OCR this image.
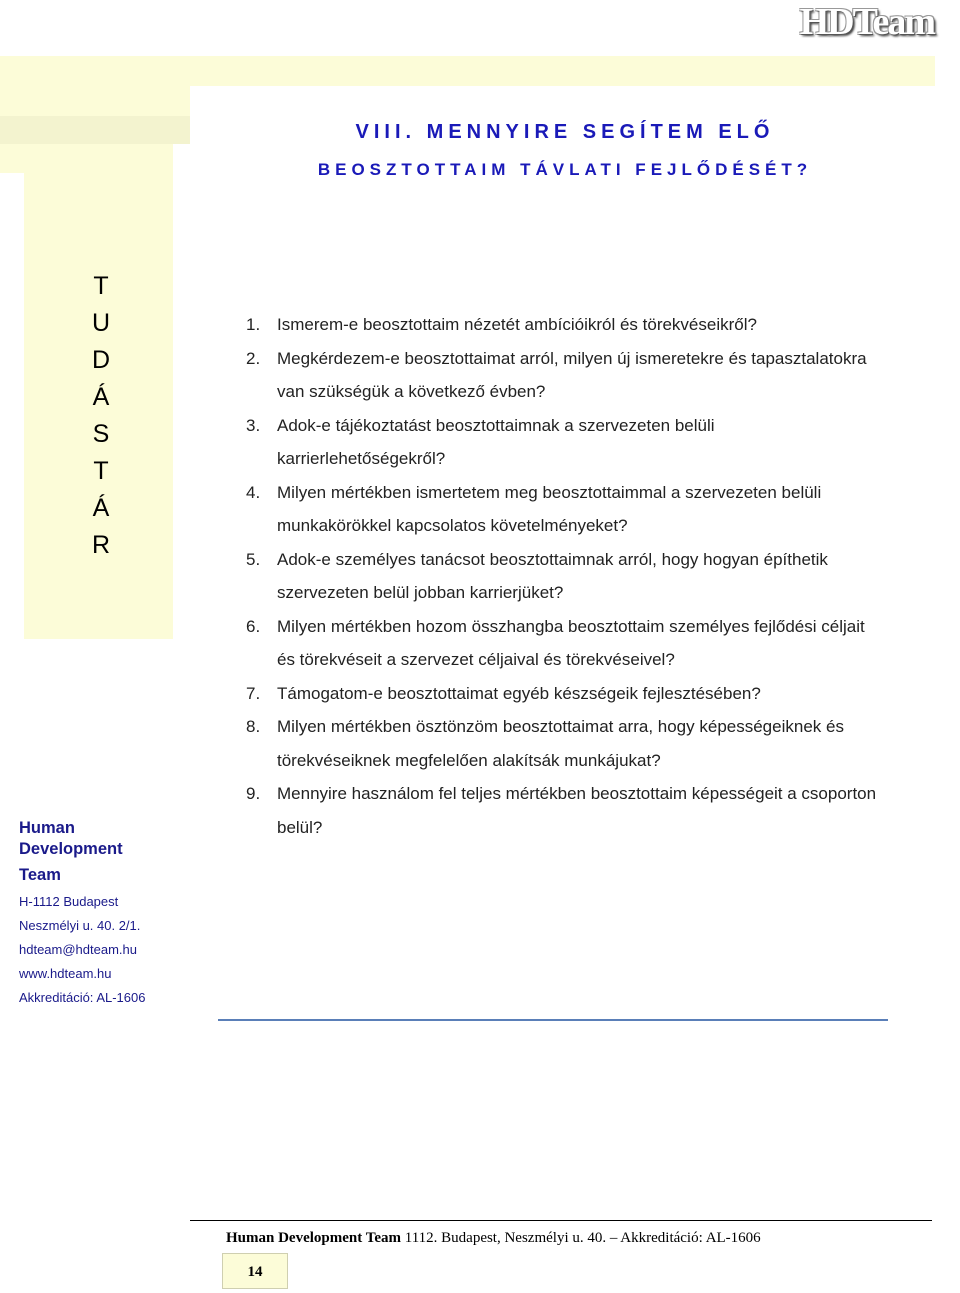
HDTeam
VIII. MENNYIRE SEGÍTEM ELŐ
BEOSZTOTTAIM TÁVLATI FEJLŐDÉSÉT?
T
U
D
Á
S
T
Á
R
1. Ismerem-e beosztottaim nézetét ambícióikról és törekvéseikről?
2. Megkérdezem-e beosztottaimat arról, milyen új ismeretekre és tapasztalatokra van szükségük a következő évben?
3. Adok-e tájékoztatást beosztottaimnak a szervezeten belüli karrierlehetőségekről?
4. Milyen mértékben ismertetem meg beosztottaimmal a szervezeten belüli munkakörökkel kapcsolatos követelményeket?
5. Adok-e személyes tanácsot beosztottaimnak arról, hogy hogyan építhetik szervezeten belül jobban karrierjüket?
6. Milyen mértékben hozom összhangba beosztottaim személyes fejlődési céljait és törekvéseit a szervezet céljaival és törekvéseivel?
7. Támogatom-e beosztottaimat egyéb készségeik fejlesztésében?
8. Milyen mértékben ösztönzöm beosztottaimat arra, hogy képességeiknek és törekvéseiknek megfelelően alakítsák munkájukat?
9. Mennyire használom fel teljes mértékben beosztottaim képességeit a csoporton belül?
Human Development
Team
H-1112 Budapest
Neszmélyi u. 40. 2/1.
hdteam@hdteam.hu
www.hdteam.hu
Akkreditáció: AL-1606
Human Development Team 1112. Budapest, Neszmélyi u. 40. – Akkreditáció: AL-1606
14
